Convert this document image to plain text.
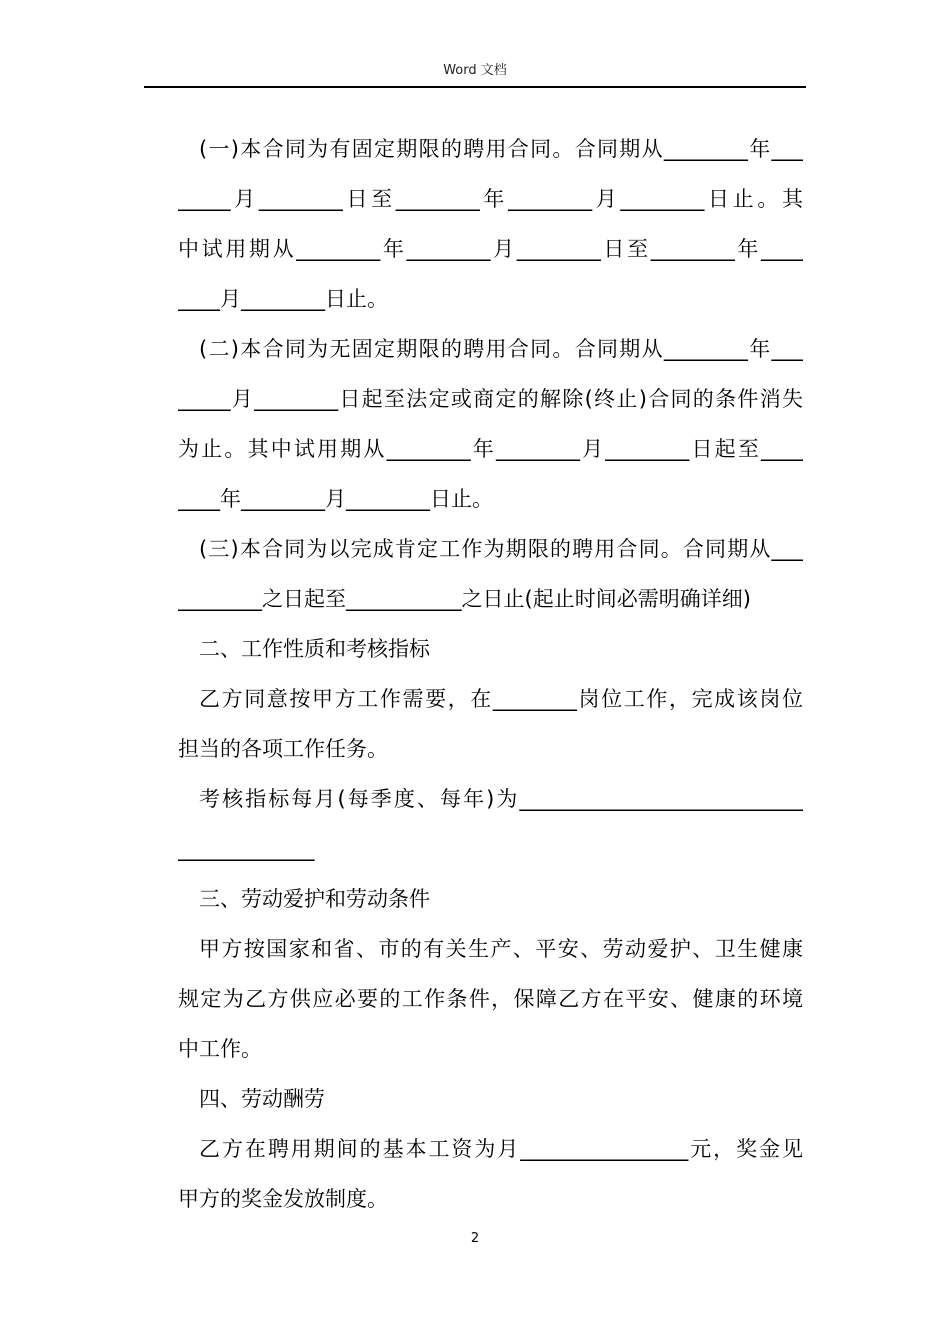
Word 文档
(一)本合同为有固定期限的聘用合同。合同期从________年___
_____月________日至________年________月________日止。其
中试用期从________年________月________日至________年____
____月________日止。
(二)本合同为无固定期限的聘用合同。合同期从________年___
_____月________日起至法定或商定的解除(终止)合同的条件消失
为止。其中试用期从________年________月________日起至____
____年________月________日止。
(三)本合同为以完成肯定工作为期限的聘用合同。合同期从___
________之日起至___________之日止(起止时间必需明确详细)
二、工作性质和考核指标
乙方同意按甲方工作需要，在________岗位工作，完成该岗位
担当的各项工作任务。
考核指标每月(每季度、每年)为___________________________
_____________
三、劳动爱护和劳动条件
甲方按国家和省、市的有关生产、平安、劳动爱护、卫生健康
规定为乙方供应必要的工作条件，保障乙方在平安、健康的环境
中工作。
四、劳动酬劳
乙方在聘用期间的基本工资为月________________元，奖金见
甲方的奖金发放制度。
2
